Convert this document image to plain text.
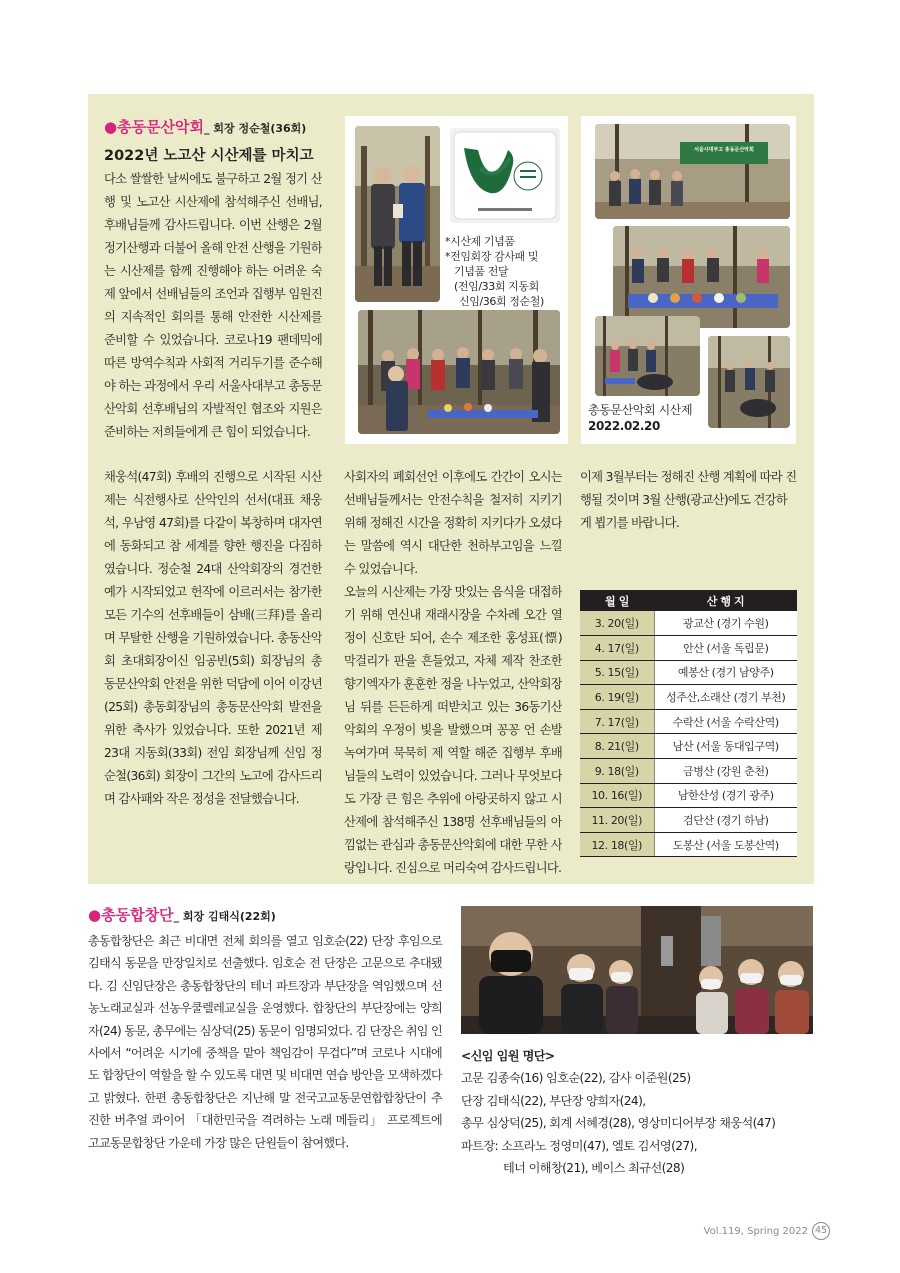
●총동문산악회_ 회장 정순철(36회)
2022년 노고산 시산제를 마치고

다소 쌀쌀한 날씨에도 불구하고 2월 정기 산행 및 노고산 시산제에 참석해주신 선배님, 후배님들께 감사드립니다. 이번 산행은 2월 정기산행과 더불어 올해 안전 산행을 기원하는 시산제를 함께 진행해야 하는 어려운 숙제 앞에서 선배님들의 조언과 집행부 임원진의 지속적인 회의를 통해 안전한 시산제를 준비할 수 있었습니다. 코로나19 팬데믹에 따른 방역수칙과 사회적 거리두기를 준수해야 하는 과정에서 우리 서울사대부고 총동문산악회 선후배님의 자발적인 협조와 지원은 준비하는 저희들에게 큰 힘이 되었습니다.

채웅석(47회) 후배의 진행으로 시작된 시산제는 식전행사로 산악인의 선서(대표 채웅석, 우남영 47회)를 다같이 복창하며 대자연에 동화되고 참 세계를 향한 행진을 다짐하였습니다. 정순철 24대 산악회장의 경건한 예가 시작되었고 헌작에 이르러서는 참가한 모든 기수의 선후배들이 삼배(三拜)를 올리며 무탈한 산행을 기원하였습니다. 총동산악회 초대회장이신 임공빈(5회) 회장님의 총동문산악회 안전을 위한 덕담에 이어 이강년(25회) 총동회장님의 총동문산악회 발전을 위한 축사가 있었습니다. 또한 2021년 제23대 지동회(33회) 전임 회장님께 신임 정순철(36회) 회장이 그간의 노고에 감사드리며 감사패와 작은 정성을 전달했습니다.

사회자의 폐회선언 이후에도 간간이 오시는 선배님들께서는 안전수칙을 철저히 지키기 위해 정해진 시간을 정확히 지키다가 오셨다는 말씀에 역시 대단한 천하부고임을 느낄 수 있었습니다.

오늘의 시산제는 가장 맛있는 음식을 대접하기 위해 연신내 재래시장을 수차례 오간 열정이 신호탄 되어, 손수 제조한 홍성표(慓) 막걸리가 판을 흔들었고, 자체 제작 찬조한 향기엑자가 훈훈한 정을 나누었고, 산악회장님 뒤를 든든하게 떠받치고 있는 36동기산악회의 우정이 빛을 발했으며 꽁꽁 언 손발 녹여가며 묵묵히 제 역할 해준 집행부 후배님들의 노력이 있었습니다. 그러나 무엇보다도 가장 큰 힘은 추위에 아랑곳하지 않고 시산제에 참석해주신 138명 선후배님들의 아낌없는 관심과 총동문산악회에 대한 무한 사랑입니다. 진심으로 머리숙여 감사드립니다.

이제 3월부터는 정해진 산행 계획에 따라 진행될 것이며 3월 산행(광교산)에도 건강하게 뵙기를 바랍니다.

*시산제 기념품
*전임회장 감사패 및
기념품 전달
(전임/33회 지동회
신임/36회 정순철)
서울사대부고 총동문산악회
총동문산악회 시산제
2022.02.20
월 일	산 행 지
3. 20(일)	광교산 (경기 수원)
4. 17(일)	안산 (서울 독립문)
5. 15(일)	예봉산 (경기 남양주)
6. 19(일)	성주산,소래산 (경기 부천)
7. 17(일)	수락산 (서울 수락산역)
8. 21(일)	남산 (서울 동대입구역)
9. 18(일)	금병산 (강원 춘천)
10. 16(일)	남한산성 (경기 광주)
11. 20(일)	검단산 (경기 하남)
12. 18(일)	도봉산 (서울 도봉산역)
●총동합창단_ 회장 김태식(22회)
총동합창단은 최근 비대면 전체 회의를 열고 임호순(22) 단장 후임으로 김태식 동문을 만장일치로 선출했다. 임호순 전 단장은 고문으로 추대됐다. 김 신임단장은 총동합창단의 테너 파트장과 부단장을 역임했으며 선농노래교실과 선농우쿨렐레교실을 운영했다. 합창단의 부단장에는 양희자(24) 동문, 총무에는 심상덕(25) 동문이 임명되었다. 김 단장은 취임 인사에서 “어려운 시기에 중책을 맡아 책임감이 무겁다”며 코로나 시대에도 합창단이 역할을 할 수 있도록 대면 및 비대면 연습 방안을 모색하겠다고 밝혔다. 한편 총동합창단은 지난해 말 전국고교동문연합합창단이 추진한 버추얼 콰이어 「대한민국을 격려하는 노래 메들리」 프로젝트에 고교동문합창단 가운데 가장 많은 단원들이 참여했다.
<신임 임원 명단>
고문 김종숙(16) 임호순(22), 감사 이준원(25)
단장 김태식(22), 부단장 양희자(24),
총무 심상덕(25), 회계 서혜경(28), 영상미디어부장 채웅석(47)
파트장: 소프라노 정영미(47), 엘토 김서영(27),
테너 이해창(21), 베이스 최규선(28)
Vol.119, Spring 2022 45
